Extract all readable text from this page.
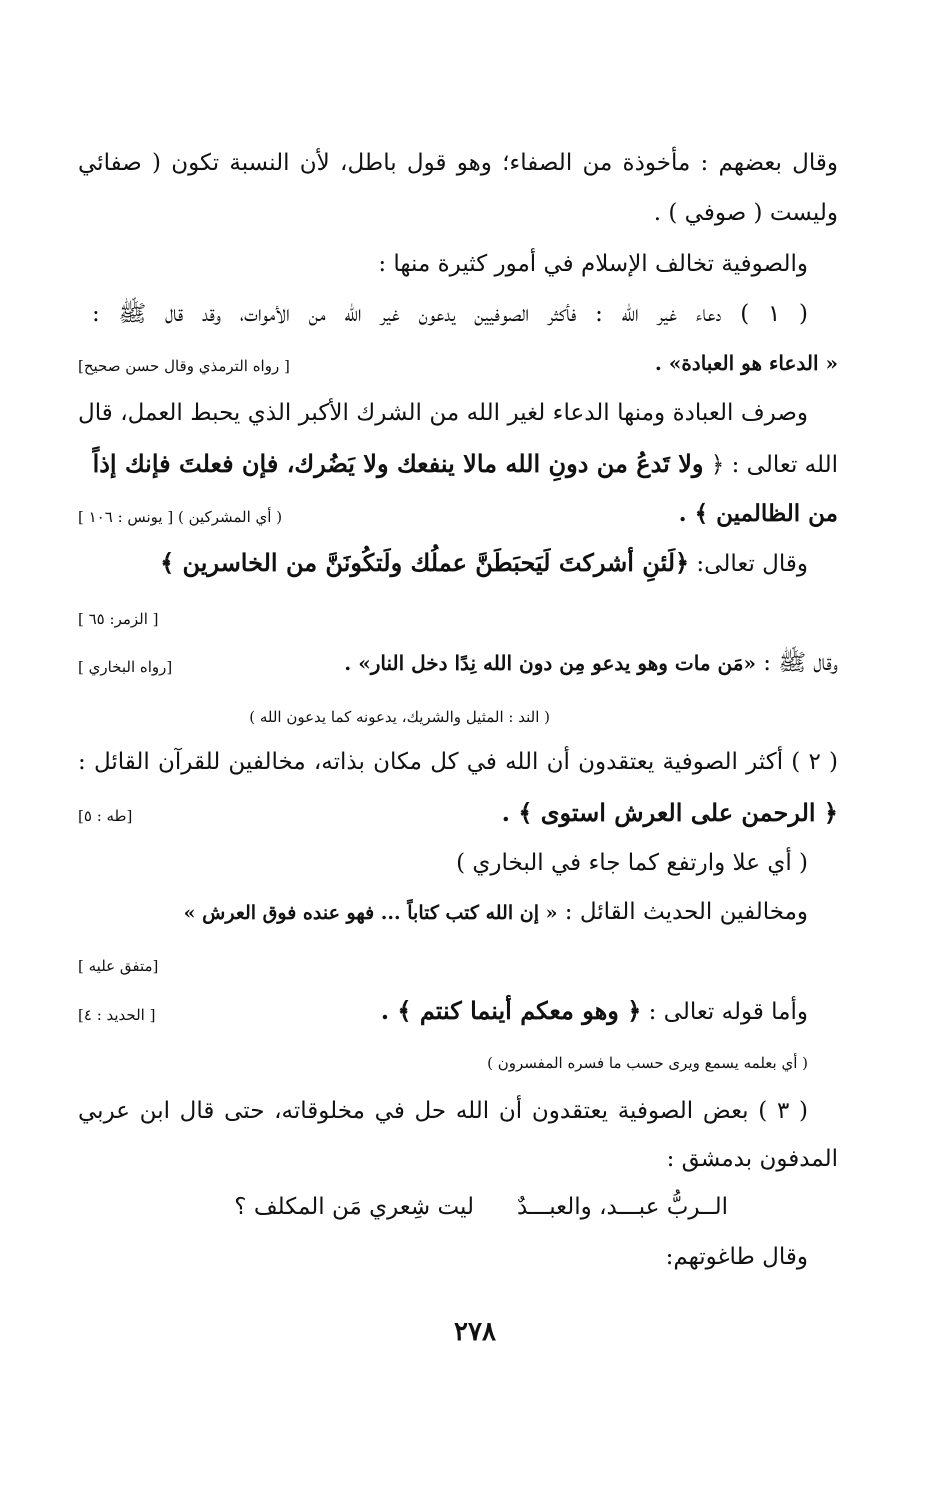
وقال بعضهم : مأخوذة من الصفاء؛ وهو قول باطل، لأن النسبة تكون ( صفائي
وليست ( صوفي ) .
والصوفية تخالف الإسلام في أمور كثيرة منها :
( ١ ) دعاء غير الله : فأكثر الصوفيين يدعون غير الله من الأموات، وقد قال ﷺ :
« الدعاء هو العبادة» .
[ رواه الترمذي وقال حسن صحيح]
وصرف العبادة ومنها الدعاء لغير الله من الشرك الأكبر الذي يحبط العمل، قال
الله تعالى : ﴿ ولا تَدعُ من دونِ الله مالا ينفعك ولا يَضُرك، فإن فعلتَ فإنك إذاً
من الظالمين ﴾ .
( أي المشركين ) [ يونس : ١٠٦ ]
وقال تعالى: ﴿لَئنِ أشركتَ لَيَحبَطَنَّ عملُك ولَتكُونَنَّ من الخاسرين ﴾
[ الزمر: ٦٥ ]
وقال ﷺ : «مَن مات وهو يدعو مِن دون الله نِدًا دخل النار» .
[رواه البخاري ]
( الند : المثيل والشريك، يدعونه كما يدعون الله )
( ٢ ) أكثر الصوفية يعتقدون أن الله في كل مكان بذاته، مخالفين للقرآن القائل :
﴿ الرحمن على العرش استوى ﴾ .
[طه : ٥]
( أي علا وارتفع كما جاء في البخاري )
ومخالفين الحديث القائل : « إن الله كتب كتاباً ... فهو عنده فوق العرش »
[متفق عليه ]
وأما قوله تعالى : ﴿ وهو معكم أينما كنتم ﴾ .
[ الحديد : ٤]
( أي بعلمه يسمع ويرى حسب ما فسره المفسرون )
( ٣ ) بعض الصوفية يعتقدون أن الله حل في مخلوقاته، حتى قال ابن عربي
المدفون بدمشق :
الــربُّ عبـــد، والعبـــدٌ
ليت شِعري مَن المكلف ؟
وقال طاغوتهم:
٢٧٨
